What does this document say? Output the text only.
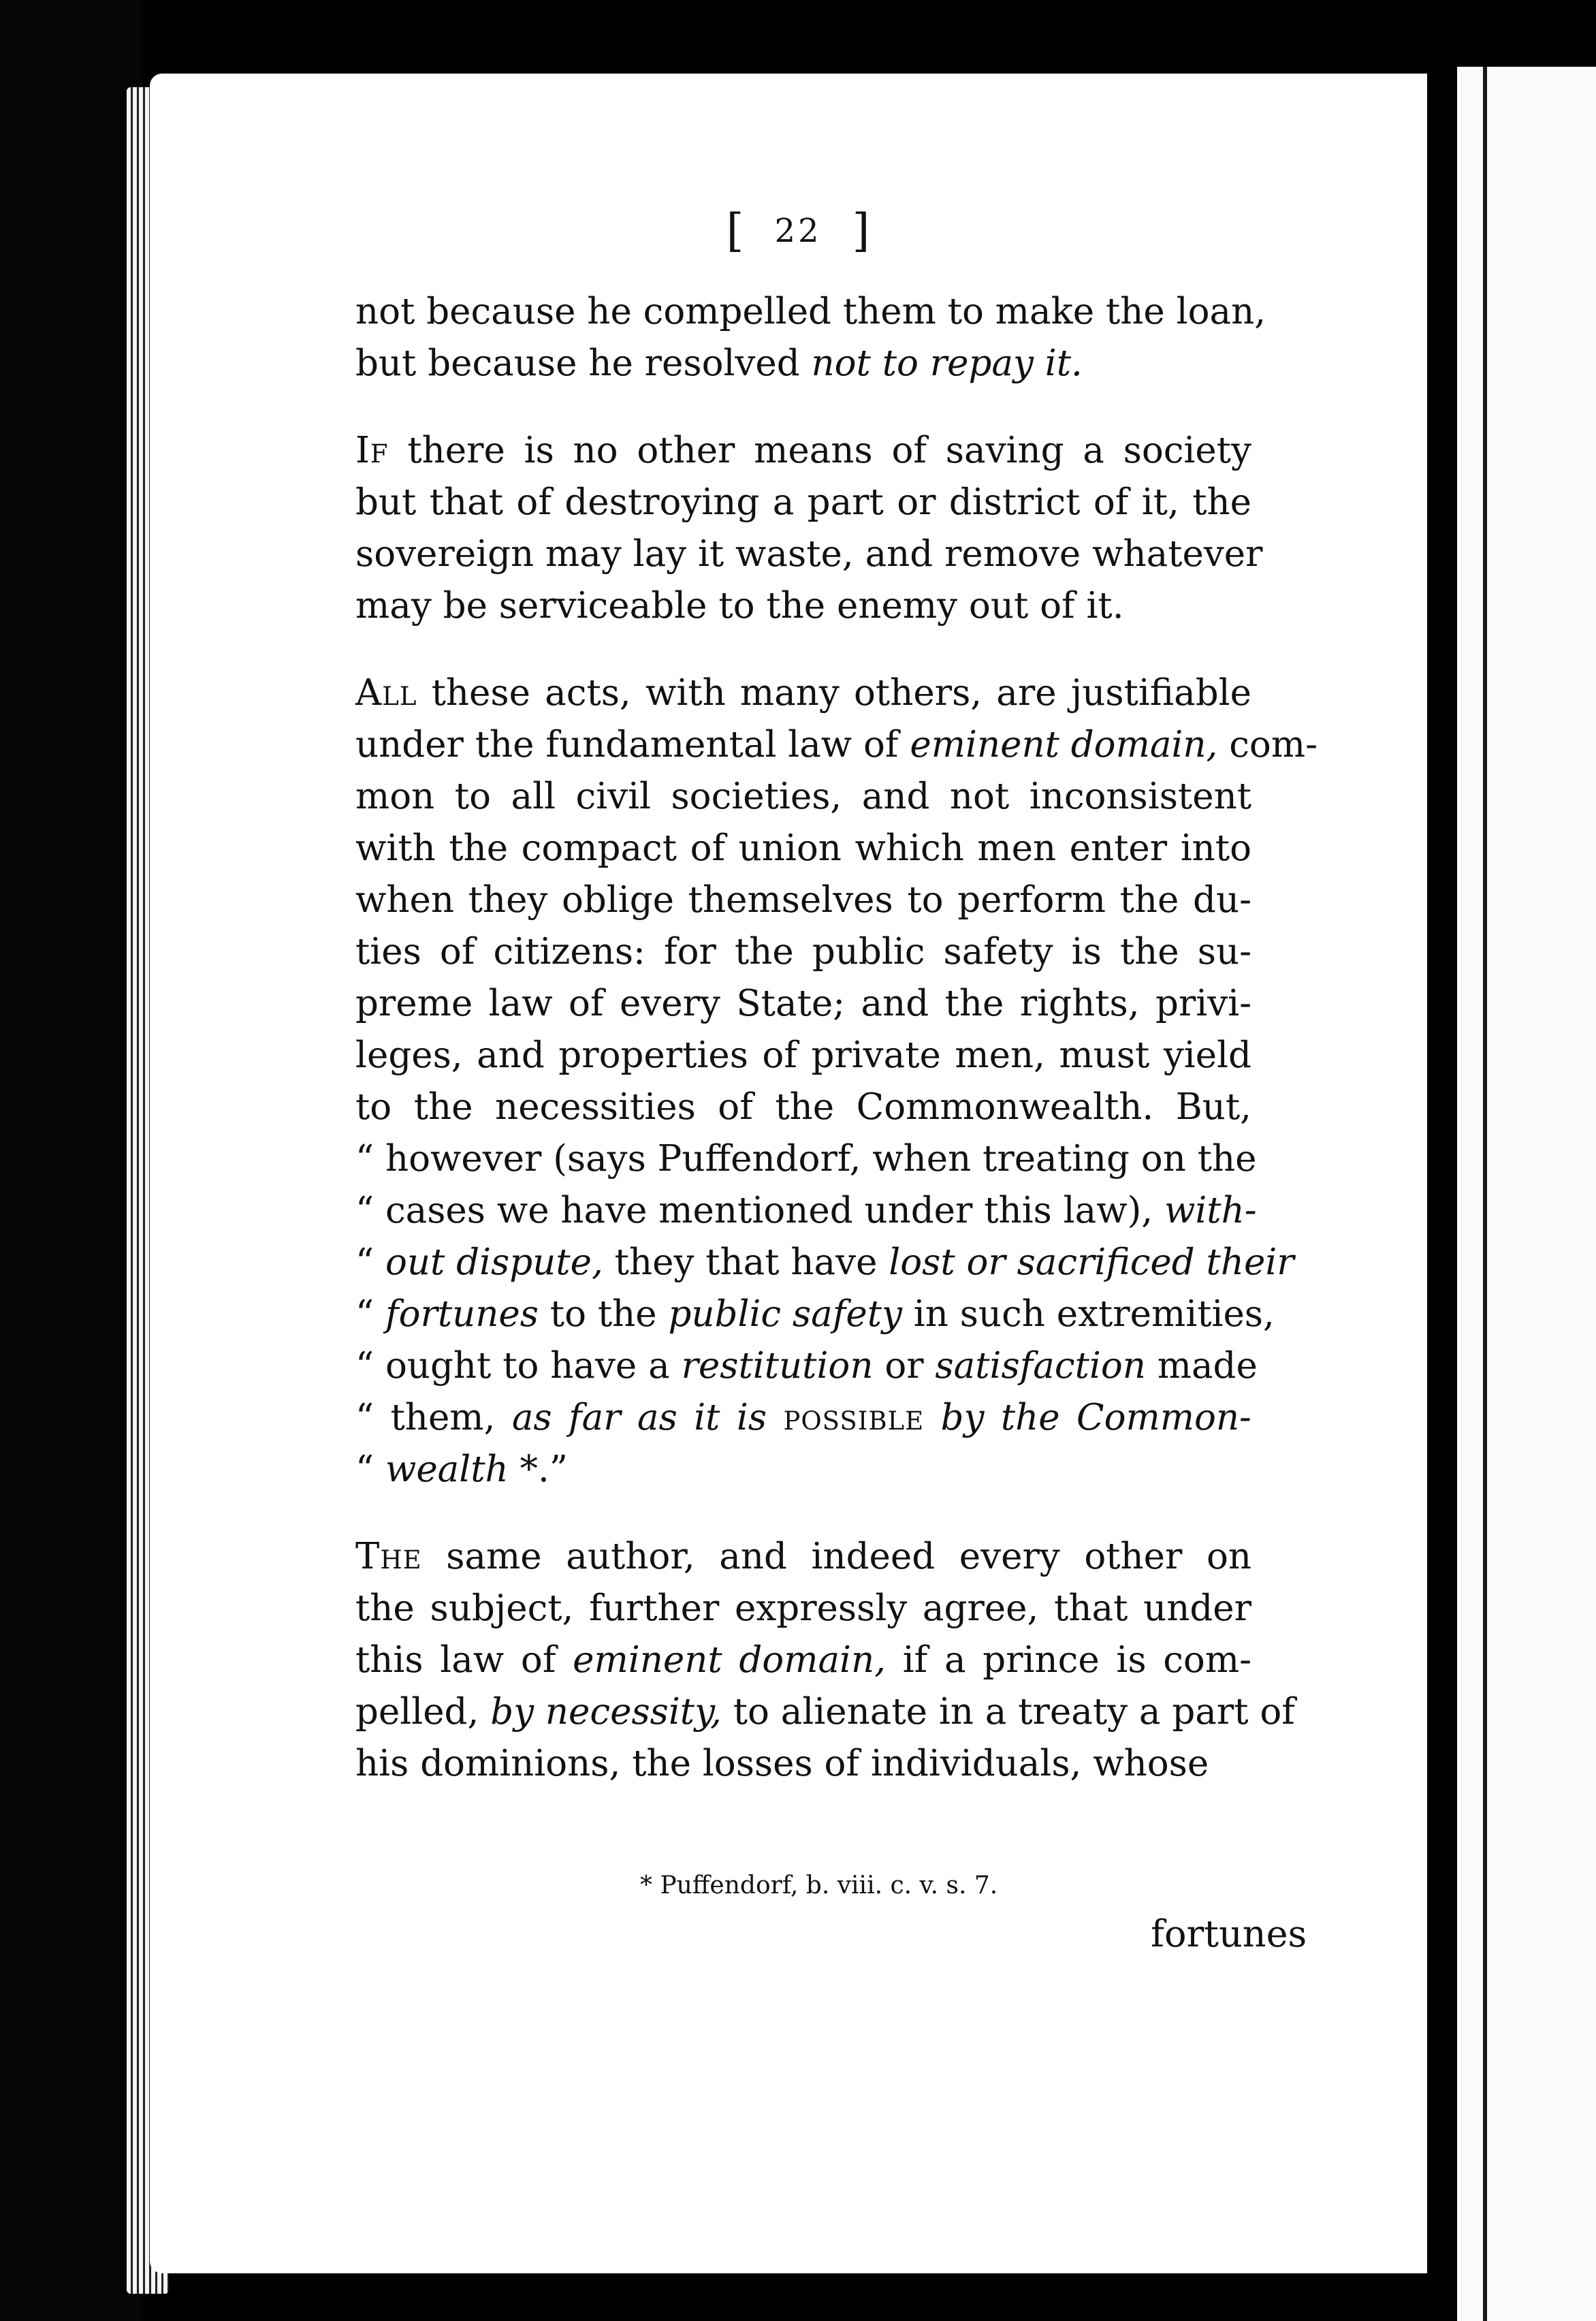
[ 22 ]
not because he compelled them to make the loan,
but because he resolved not to repay it.
If there is no other means of saving a society
but that of destroying a part or district of it, the
sovereign may lay it waste, and remove whatever
may be serviceable to the enemy out of it.
All these acts, with many others, are justifiable
under the fundamental law of eminent domain, com-
mon to all civil societies, and not inconsistent
with the compact of union which men enter into
when they oblige themselves to perform the du-
ties of citizens: for the public safety is the su-
preme law of every State; and the rights, privi-
leges, and properties of private men, must yield
to the necessities of the Commonwealth. But,
“ however (says Puffendorf, when treating on the
“ cases we have mentioned under this law), with-
“ out dispute, they that have lost or sacrificed their
“ fortunes to the public safety in such extremities,
“ ought to have a restitution or satisfaction made
“ them, as far as it is possible by the Common-
“ wealth *.”
The same author, and indeed every other on
the subject, further expressly agree, that under
this law of eminent domain, if a prince is com-
pelled, by necessity, to alienate in a treaty a part of
his dominions, the losses of individuals, whose
* Puffendorf, b. viii. c. v. s. 7.
fortunes
